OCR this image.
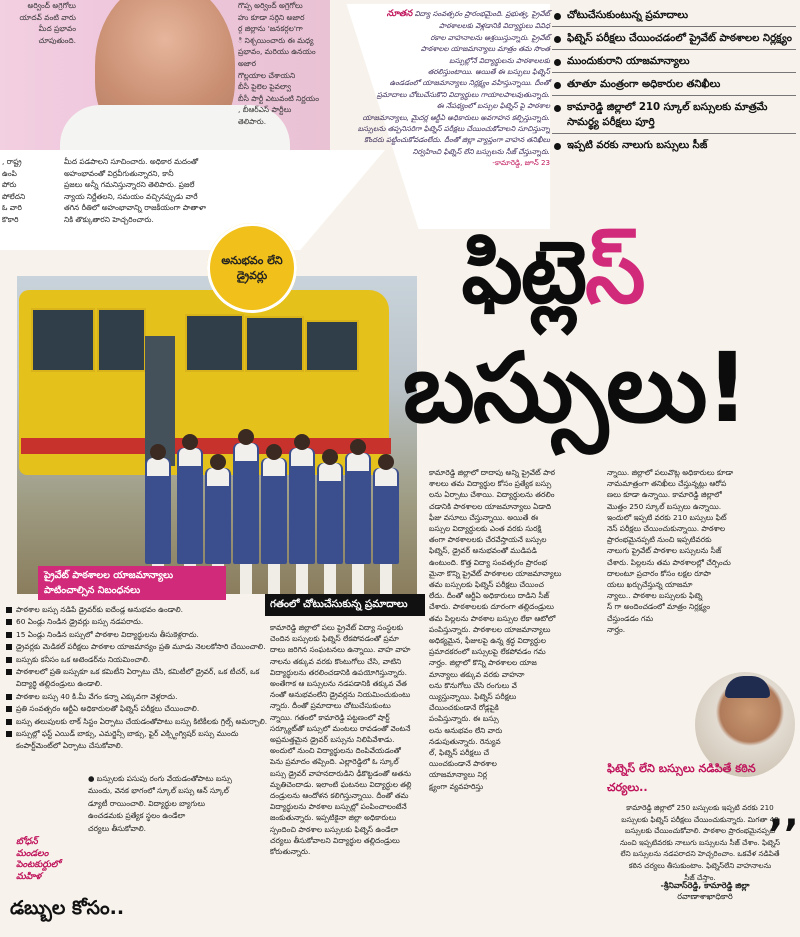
అర్వింద్ అగ్రెగోలు

యాదవ్ వంటి వారు

మీద ప్రభావం

చూపుతుంది.

గొప్ప అర్వింద్ అగ్రెగోలు

హు కూడా సర్గిని అజార

ర్గ జిల్లాను 'జనకర్గల'గా

ి నిశ్చయించారు ఈ మధ్య

ప్రభావం, మరియు ఉనయం అజార

గొల్లయాల చేశాయని

బీసీ పైలెల పైవల్వా

బీసీ పార్టీ ఎటువంటి నిర్ణయం

, బీఆర్ఎస్ పార్టీలు

తెలిపారు.

, రాష్ట్ర

ఉంపి

పోరు

పోలేదని

ఓ వారి

కొకారి

మీద పడపాలని సూచించారు. అధికార మదంతో

అహంభావంతో విర్రవీగుతున్నారని, కానీ

ప్రజలు అన్నీ గమనిస్తున్నారని తెలిపారు. ప్రజలే

న్యాయ నిర్ణేతలని, సమయం వచ్చినప్పుడు వారే

తగిన రీతిలో అహంభావాన్ని రాజకీయంగా పాతాళా

నికి తొక్కుతారని హెచ్చరించారు.

నూతన విద్యా సంవత్సరం ప్రారంభమైంది. ప్రభుత్వ, ప్రైవేట్

పాఠశాలలకు వెళ్లడానికి విద్యార్థులు వివిధ

రకాల వాహనాలను ఆశ్రయిస్తున్నారు. ప్రైవేట్

పాఠశాలల యాజమాన్యాలు మాత్రం తమ సొంత

బస్సుల్లోనే విద్యార్థులను పాఠశాలలకు

తరలిస్తుంటాయి. అయితే ఈ బస్సులు ఫిట్నెస్

ఉండడంలో యాజమాన్యాలు నిర్లక్ష్యం వహిస్తున్నాయి. దీంతో

ప్రమాదాలు చోటుచేసుకొని విద్యార్థులు గాయాలపాలవుతున్నారు.

ఈ నేపథ్యంలో బస్సుల ఫిట్నెస్ పై పాఠశాల

యాజమాన్యాలు, మైదర్ల ఆర్టీఏ అధికారులు అవగాహన కల్పిస్తున్నారు.

బస్సులను తప్పనిసరిగా ఫిట్నెస్ పరీక్షలు చేయించుకోవాలని సూచిస్తున్నా

కొందరు పట్టించుకోవడంలేదు. దీంతో జిల్లా వ్యాప్తంగా వాహన తనిఖీలు

నిర్వహించి ఫిట్నెస్ లేని బస్సులను సీజ్ చేస్తున్నారు.

-కామారెడ్డి, జూన్ 23

చోటుచేసుకుంటున్న ప్రమాదాలు
ఫిట్నెస్ పరీక్షలు చేయించడంలో ప్రైవేట్ పాఠశాలల నిర్లక్ష్యం
ముందుకురాని యాజమాన్యాలు
తూతూ మంత్రంగా అధికారుల తనిఖీలు
కామారెడ్డి జిల్లాలో 210 స్కూల్ బస్సులకు మాత్రమే సామర్థ్య పరీక్షలు పూర్తి
ఇప్పటి వరకు నాలుగు బస్సులు సీజ్
అనుభవం లేని డ్రైవర్లు	ఫిట్లెస్
బస్సులు!
ప్రైవేట్ పాఠశాలల యాజమాన్యాలు పాటించాల్సిన నిబంధనలు
పాఠశాల బస్సు నడిపే డ్రైవర్‌కు ఐదేండ్ల అనుభవం ఉండాలి.
60 ఏండ్లు నిండిన డ్రైవర్లు బస్సు నడపరాదు.
15 ఏండ్లు నిండిన బస్సులో పాఠశాల విద్యార్థులను తీసుకెళ్లరాదు.
డ్రైవర్లకు మెడికల్ పరీక్షలు పాఠశాల యాజమాన్యం ప్రతి మూడు నెలలకోసారి చేయించాలి.
బస్సుకు కనీసం ఒక అటెండర్‌ను నియమించాలి.
పాఠశాలలో ప్రతి బస్సుకూ ఒక కమిటీని ఏర్పాటు చేసి, కమిటీలో డ్రైవర్, ఒక టీచర్, ఒక విద్యార్థి తల్లిదండ్రులు ఉండాలి.
పాఠశాల బస్సు 40 కి.మీ వేగం కన్నా ఎక్కువగా వెళ్లరాదు.
ప్రతి సంవత్సరం ఆర్టీఏ అధికారులతో ఫిట్నెస్ పరీక్షలు చేయించాలి.
బస్సు తలుపులకు లాక్ సిస్టం ఏర్పాటు చేయడంతోపాటు బస్సు కిటికీలకు గ్రిల్స్ అమర్చాలి.
బస్సుల్లో ఫస్ట్ ఎయిడ్ బాక్సు, ఎమర్జెన్సీ బాక్సు, ఫైర్ ఎక్స్టింగ్విషర్ బస్సు ముందు కంపార్ట్‌మెంట్‌లో ఏర్పాటు చేసుకోవాలి.

● బస్సులకు పసుపు రంగు వేయడంతోపాటు బస్సు

ముందు, వెనక భాగంలో స్కూల్ బస్సు ఆన్ స్కూల్

డ్యూటీ రాయించాలి. విద్యార్థుల బ్యాగులు

ఉంచడమకు ప్రత్యేక స్థలం ఉండేలా

చర్యలు తీసుకోవాలి.

బోధన్

మండలం

పెంటకుర్దులో

మహిళ

డబ్బుల కోసం..
గతంలో చోటుచేసుకున్న ప్రమాదాలు

కామారెడ్డి జిల్లాలో పలు ప్రైవేట్ విద్యా సంస్థలకు

చెందిన బస్సులకు ఫిట్నెస్ లేకపోవడంతో ప్రమా

దాలు జరిగిన సంఘటనలు ఉన్నాయి. వాహ వాహ

నాలను తక్కువ వరకు కొంటుగోలు చేసి, వాటిని

విద్యార్థులను తరలించడానికి ఉపయోగిస్తున్నారు.

అంతేగాక ఆ బస్సులను నడపడానికి తక్కువ వేత

నంతో అనుభవంలేని డ్రైవర్లను నియమించుకుంటు

న్నారు. దీంతో ప్రమాదాలు చోటుచేసుకుంటు

న్నాయి. గతంలో కామారెడ్డి పట్టణంలో షార్ట్

సర్క్యూట్‌తో బస్సులో మంటలు రావడంతో వెంటనే

అప్రమత్తమైన డ్రైవర్ బస్సును నిలిపివేశాడు.

అందులో నుంచి విద్యార్థులను దింపివేయడంతో

పెను ప్రమాదం తప్పింది. ఎల్లారెడ్డిలో ఓ స్కూల్

బస్సు డ్రైవర్ వాహనదారుడిని ఢీకొట్టడంతో అతను

మృతిచెందాడు. ఇలాంటి ఘటనలు విద్యార్థుల తల్లి

దండ్రులను ఆందోళన కలిగిస్తున్నాయి. దీంతో తమ

విద్యార్థులను పాఠశాల బస్సుల్లో పంపించాలంటేనే

జంకుతున్నారు. ఇప్పటికైనా జిల్లా అధికారులు

స్పందించి పాఠశాల బస్సులకు ఫిట్నెస్ ఉండేలా

చర్యలు తీసుకోవాలని విద్యార్థుల తల్లిదండ్రులు

కోరుతున్నారు.

కామారెడ్డి జిల్లాలో దాదాపు అన్ని ప్రైవేట్ పాఠ

శాలలు తమ విద్యార్థుల కోసం ప్రత్యేక బస్సు

లను ఏర్పాటు చేశాయి. విద్యార్థులను తరలిం

చడానికి పాఠశాలల యాజమాన్యాలు ఏడాది

ఫీజు వసూలు చేస్తున్నాయి. అయితే ఈ

బస్సుల విద్యార్థులకు ఎంత వరకు సురక్షి

తంగా పాఠశాలలకు చేరవేస్తాయనే బస్సుల

ఫిట్నెస్, డ్రైవర్ అనుభవంతో ముడిపడి

ఉంటుంది. కొత్త విద్యా సంవత్సరం ప్రారంభ

మైనా కొన్ని ప్రైవేట్ పాఠశాలల యాజమాన్యాలు

తమ బస్సులకు ఫిట్నెస్ పరీక్షలు చేయించ

లేదు. దీంతో ఆర్టీఏ అధికారులు దాడిని సీజ్

చేశారు. పాఠశాలలకు దూరంగా తల్లిదండ్రులు

తమ పిల్లలను పాఠశాల బస్సుల లేకా ఆటోలో

పంపిస్తున్నారు. పాఠశాలల యాజమాన్యాలు

అధిక్యమైన, ఫీజులపై ఉన్న శ్రద్ధ విద్యార్థుల

ప్రమాదకరంలో బస్సులపై లేకపోవడం గమ

నార్హం. జిల్లాలో కొన్ని పాఠశాలల యాజ

మాన్యాలు తక్కువ వరకు వాహనా

లను కొనుగోలు చేసి రంగులు వే

య్యిస్తున్నాయి. ఫిట్నెస్ పరీక్షలు

చేయించకుండానే రోడ్లపైకి

పంపిస్తున్నారు. ఈ బస్సు

లను అనుభవం లేని వారు

నడుపుతున్నారు. రెన్యువ

ల్, ఫిట్నెస్ పరీక్షలు చే

యించకుండానే పాఠశాల

యాజమాన్యాలు నిర్ల

క్ష్యంగా వ్యవహరిస్తు

న్నాయి. జిల్లాలో పలువొట్ల అధికారులు కూడా

నామమాత్రంగా తనిఖీలు చేస్తున్నట్లు ఆరోప

ణలు కూడా ఉన్నాయి. కామారెడ్డి జిల్లాలో

మొత్తం 250 స్కూల్ బస్సులు ఉన్నాయి.

ఇందులో ఇప్పటి వరకు 210 బస్సులు ఫిట్

నెస్ పరీక్షలు చేయించుకున్నాయి. పాఠశాల

ప్రారంభమైనప్పటి నుంచి ఇప్పటివరకు

నాలుగు ప్రైవేట్ పాఠశాల బస్సులను సీజ్

చేశారు. పిల్లలను తమ పాఠశాలల్లో చేర్పించు

దాలంటూ ప్రచారం కోసం లక్షల రూపా

యలు ఖర్చుచేస్తున్న యాజమా

న్యాలు.. పాఠశాల బస్సులకు ఫిట్నె

స్ గా అందించడంలో మాత్రం నిర్లక్ష్యం

చేస్తుండడం గమ

నార్హం.

ఫిట్నెస్ లేని బస్సులు నడిపితే కఠిన చర్యలు..
‚‚

కామారెడ్డి జిల్లాలో 250 బస్సులకు ఇప్పటి వరకు 210

బస్సులకు ఫిట్నెస్ పరీక్షలు చేయించుకున్నారు. మిగతా 40

బస్సులకు చేయించుకోవాలి. పాఠశాల ప్రారంభమైనప్పటి

నుంచి ఇప్పటివరకు నాలుగు బస్సులను సీజ్ చేశాం. ఫిట్నెస్

లేని బస్సులను నడపరాదని హెచ్చరించాం. ఒకవేళ నడిపితే

కఠిన చర్యలు తీసుకుంటాం. ఫిట్నెస్‌లేని వాహనాలను

సీజ్ చేస్తాం.

-శ్రీనివాస్‌రెడ్డి, కామారెడ్డి జిల్లా

రవాణాశాఖాధికారి
